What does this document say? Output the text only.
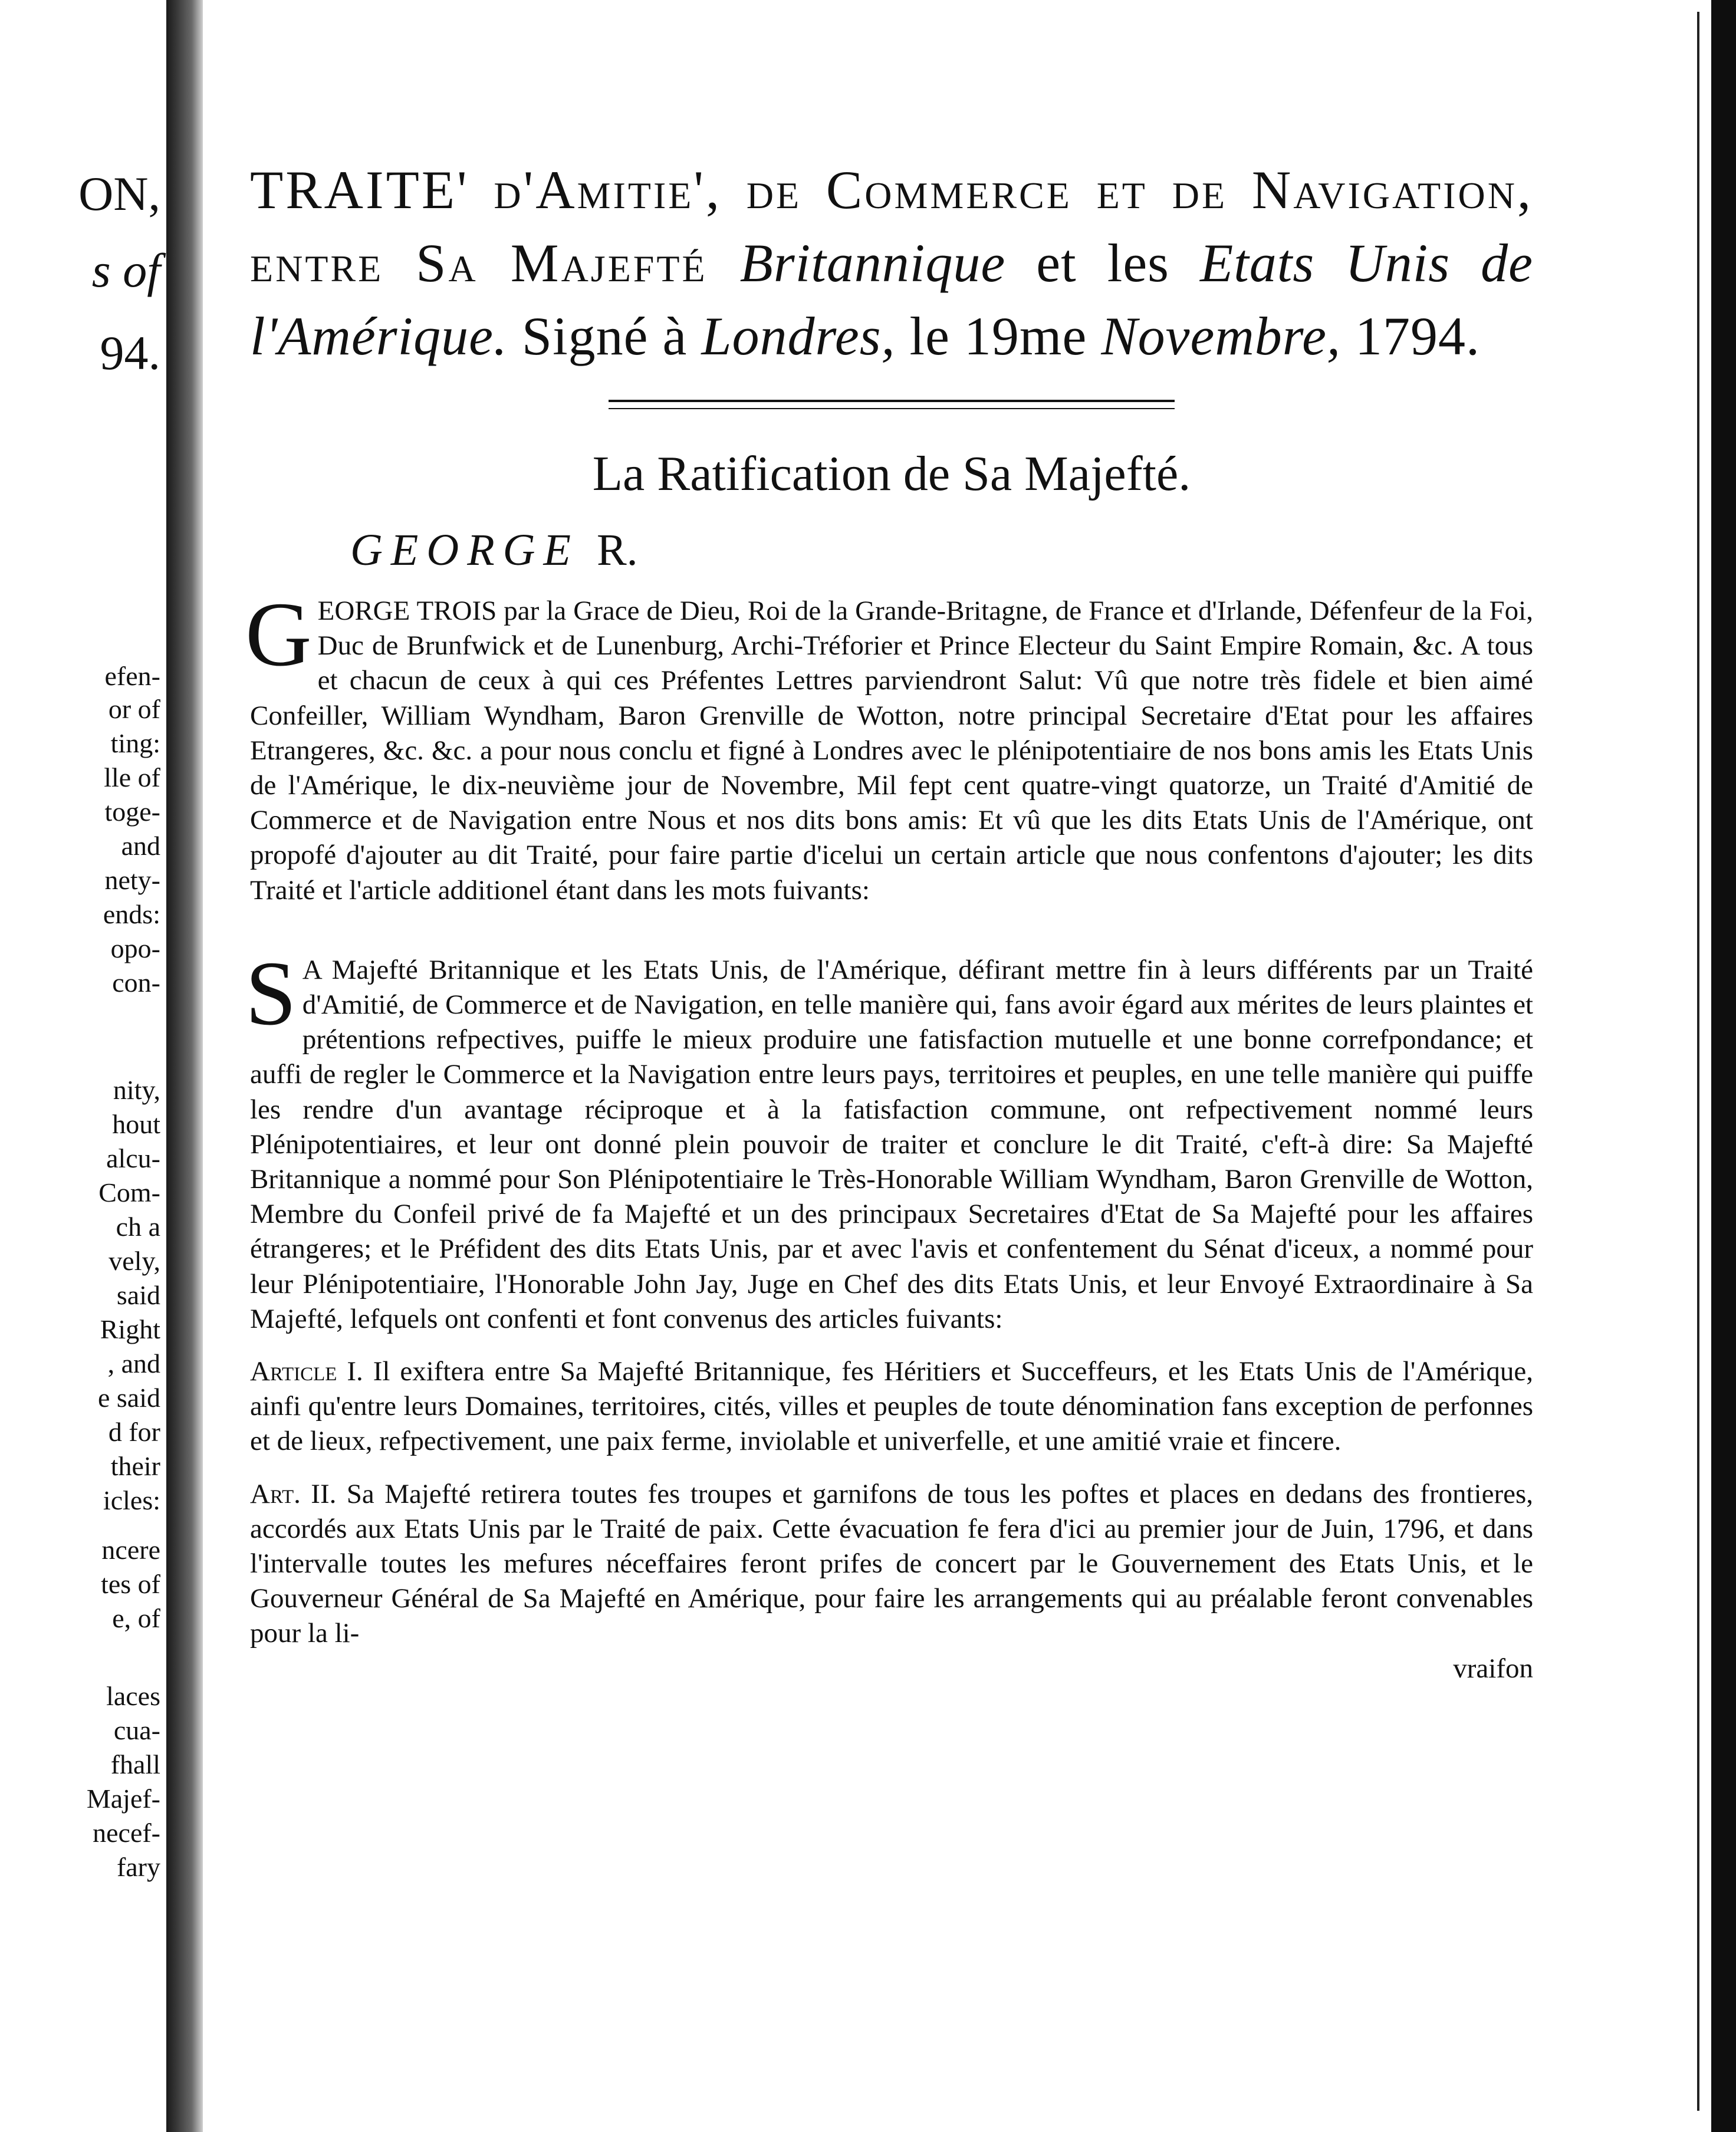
ON,
s of
94.
efen-
or of
ting:
lle of
toge-
and
nety-
ends:
opo-
con-
nity,
hout
alcu-
Com-
ch a
vely,
said
Right
, and
e said
d for
their
icles:
ncere
tes of
e, of
laces
cua-
fhall
Majef-
necef-
fary
TRAITE' d'Amitie', de Commerce et de Navigation, entre Sa Majefté Britannique et les Etats Unis de l'Amérique. Signé à Londres, le 19me Novembre, 1794.
La Ratification de Sa Majefté.
GEORGE R.
GEORGE TROIS par la Grace de Dieu, Roi de la Grande-Britagne, de France et d'Irlande, Défenfeur de la Foi, Duc de Brunfwick et de Lunenburg, Archi-Tréforier et Prince Electeur du Saint Empire Romain, &c. A tous et chacun de ceux à qui ces Préfentes Lettres parviendront Salut: Vû que notre très fidele et bien aimé Confeiller, William Wyndham, Baron Grenville de Wotton, notre principal Secretaire d'Etat pour les affaires Etrangeres, &c. &c. a pour nous conclu et figné à Londres avec le plénipotentiaire de nos bons amis les Etats Unis de l'Amérique, le dix-neuvième jour de Novembre, Mil fept cent quatre-vingt quatorze, un Traité d'Amitié de Commerce et de Navigation entre Nous et nos dits bons amis: Et vû que les dits Etats Unis de l'Amérique, ont propofé d'ajouter au dit Traité, pour faire partie d'icelui un certain article que nous confentons d'ajouter; les dits Traité et l'article additionel étant dans les mots fuivants:
S A Majefté Britannique et les Etats Unis, de l'Amérique, défirant mettre fin à leurs différents par un Traité d'Amitié, de Commerce et de Navigation, en telle manière qui, fans avoir égard aux mérites de leurs plaintes et prétentions refpectives, puiffe le mieux produire une fatisfaction mutuelle et une bonne correfpondance; et auffi de regler le Commerce et la Navigation entre leurs pays, territoires et peuples, en une telle manière qui puiffe les rendre d'un avantage réciproque et à la fatisfaction commune, ont refpectivement nommé leurs Plénipotentiaires, et leur ont donné plein pouvoir de traiter et conclure le dit Traité, c'eft-à dire: Sa Majefté Britannique a nommé pour Son Plénipotentiaire le Très-Honorable William Wyndham, Baron Grenville de Wotton, Membre du Confeil privé de fa Majefté et un des principaux Secretaires d'Etat de Sa Majefté pour les affaires étrangeres; et le Préfident des dits Etats Unis, par et avec l'avis et confentement du Sénat d'iceux, a nommé pour leur Plénipotentiaire, l'Honorable John Jay, Juge en Chef des dits Etats Unis, et leur Envoyé Extraordinaire à Sa Majefté, lefquels ont confenti et font convenus des articles fuivants:
Article I. Il exiftera entre Sa Majefté Britannique, fes Héritiers et Succeffeurs, et les Etats Unis de l'Amérique, ainfi qu'entre leurs Domaines, territoires, cités, villes et peuples de toute dénomination fans exception de perfonnes et de lieux, refpectivement, une paix ferme, inviolable et univerfelle, et une amitié vraie et fincere.
Art. II. Sa Majefté retirera toutes fes troupes et garnifons de tous les poftes et places en dedans des frontieres, accordés aux Etats Unis par le Traité de paix. Cette évacuation fe fera d'ici au premier jour de Juin, 1796, et dans l'intervalle toutes les mefures néceffaires feront prifes de concert par le Gouvernement des Etats Unis, et le Gouverneur Général de Sa Majefté en Amérique, pour faire les arrangements qui au préalable feront convenables pour la li-
vraifon
